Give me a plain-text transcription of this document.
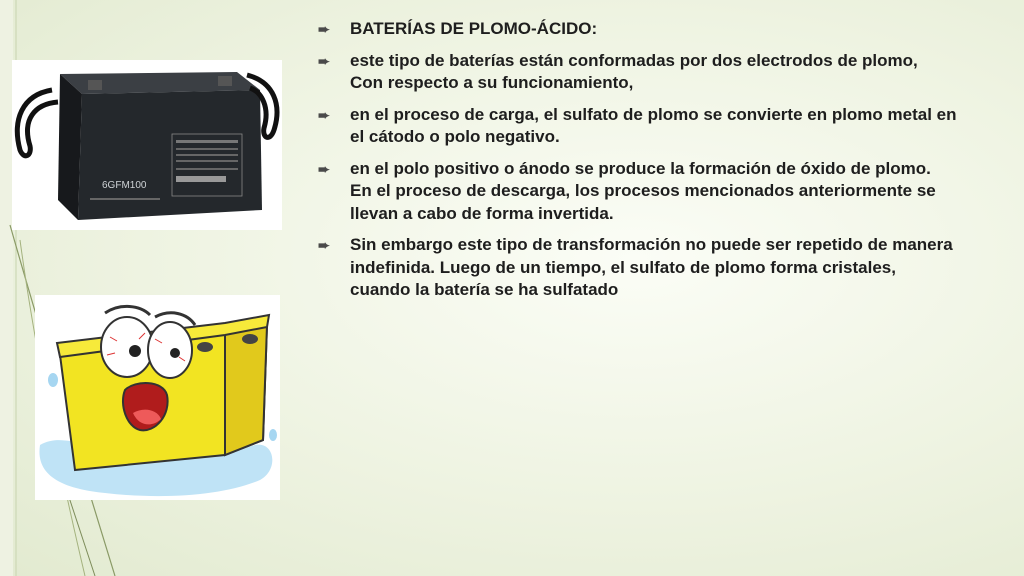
6GFM100
➨ BATERÍAS DE PLOMO-ÁCIDO:
➨ este tipo de baterías están conformadas por dos electrodos de plomo,
Con respecto a su funcionamiento,
➨ en el proceso de carga, el sulfato de plomo se convierte en plomo metal en el cátodo o polo negativo.
➨ en el polo positivo o ánodo se produce la formación de óxido de plomo.
En el proceso de descarga, los procesos mencionados anteriormente se llevan a cabo de forma invertida.
➨ Sin embargo este tipo de transformación no puede ser repetido de manera indefinida. Luego de un tiempo, el sulfato de plomo forma cristales, cuando la batería se ha sulfatado
